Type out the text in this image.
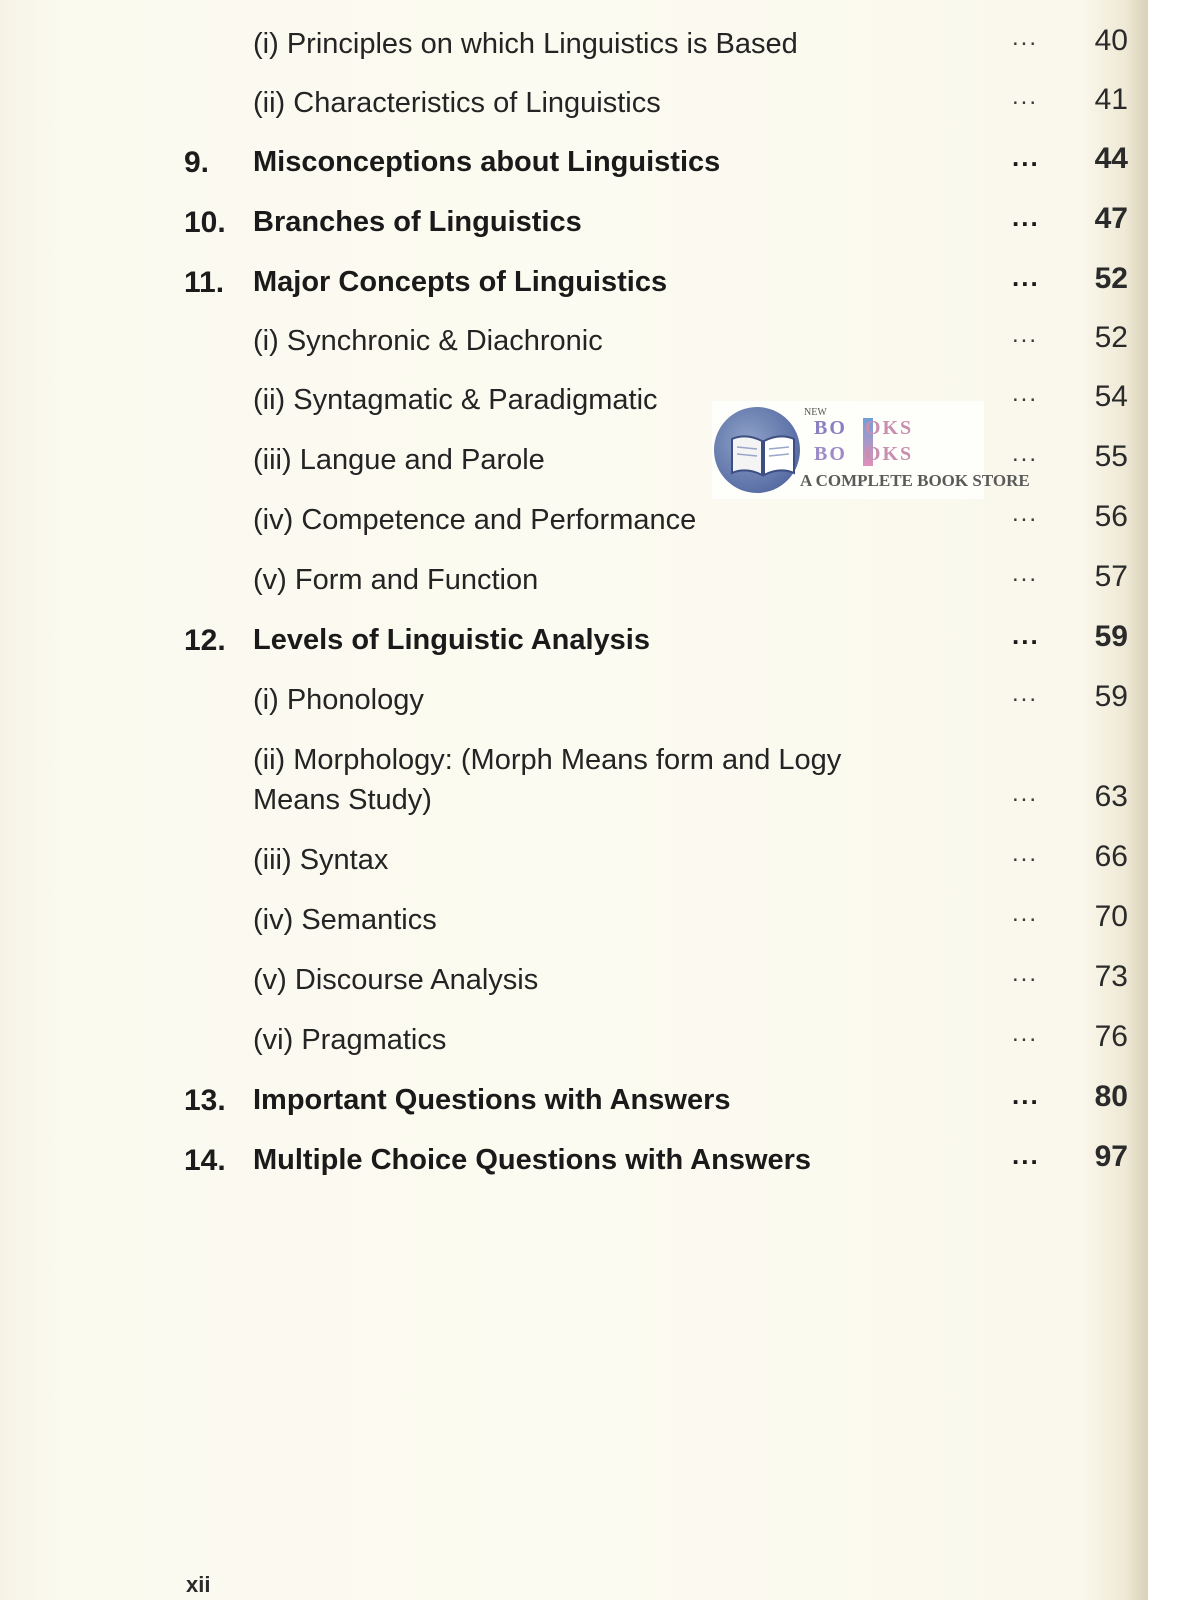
(i) Principles on which Linguistics is Based	... 40
(ii) Characteristics of Linguistics	... 41
9. Misconceptions about Linguistics	... 44
10. Branches of Linguistics	... 47
11. Major Concepts of Linguistics	... 52
(i) Synchronic & Diachronic	... 52
(ii) Syntagmatic & Paradigmatic	... 54
(iii) Langue and Parole	... 55
(iv) Competence and Performance	... 56
(v) Form and Function	... 57
12. Levels of Linguistic Analysis	... 59
(i) Phonology	... 59
(ii) Morphology: (Morph Means form and Logy
Means Study)	... 63
(iii) Syntax	... 66
(iv) Semantics	... 70
(v) Discourse Analysis	... 73
(vi) Pragmatics	... 76
13. Important Questions with Answers	... 80
14. Multiple Choice Questions with Answers	... 97
NEW
BO OKS
BO OKS
A COMPLETE BOOK STORE
xii
